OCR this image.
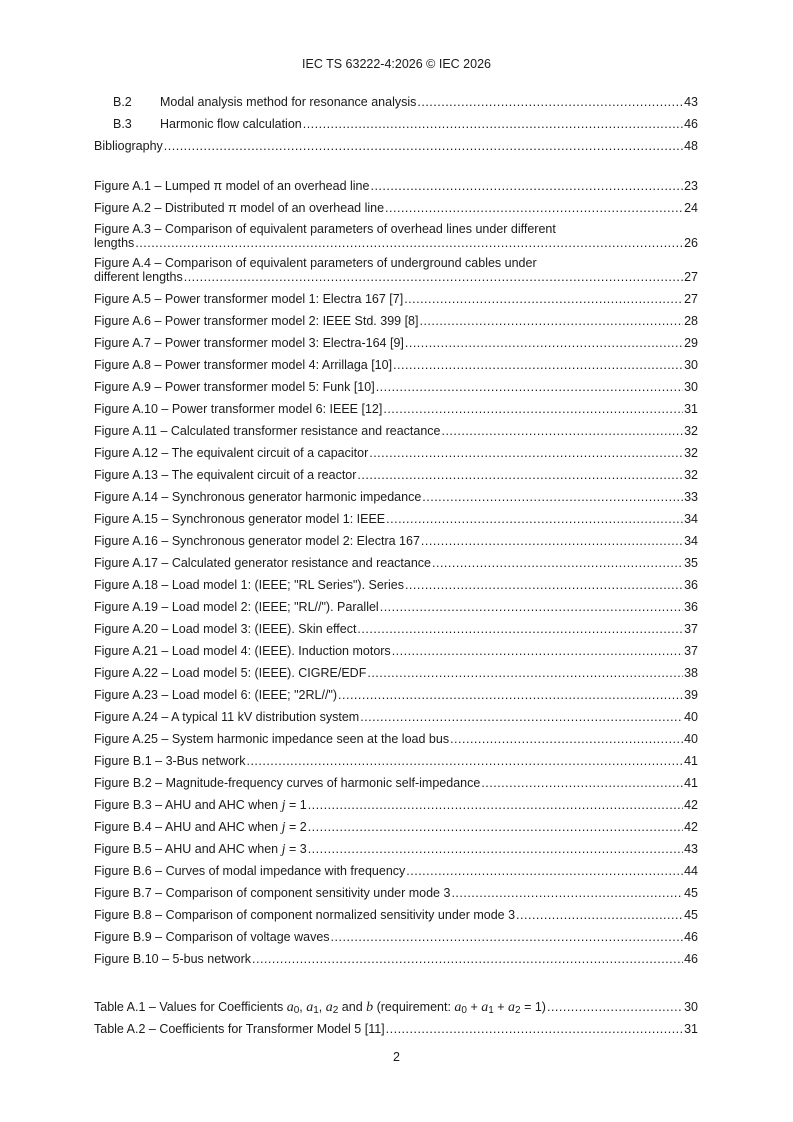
IEC TS 63222-4:2026 © IEC 2026
B.2	Modal analysis method for resonance analysis .....	43
B.3	Harmonic flow calculation .....	46
Bibliography .....	48
Figure A.1 – Lumped π model of an overhead line .....	23
Figure A.2 – Distributed π model of an overhead line .....	24
Figure A.3 – Comparison of equivalent parameters of overhead lines under different
lengths .....	26
Figure A.4 – Comparison of equivalent parameters of underground cables under
different lengths .....	27
Figure A.5 – Power transformer model 1: Electra 167 [7] .....	27
Figure A.6 – Power transformer model 2: IEEE Std. 399 [8] .....	28
Figure A.7 – Power transformer model 3: Electra-164 [9] .....	29
Figure A.8 – Power transformer model 4: Arrillaga [10] .....	30
Figure A.9 – Power transformer model 5: Funk [10] .....	30
Figure A.10 – Power transformer model 6: IEEE [12] .....	31
Figure A.11 – Calculated transformer resistance and reactance .....	32
Figure A.12 – The equivalent circuit of a capacitor .....	32
Figure A.13 – The equivalent circuit of a reactor .....	32
Figure A.14 – Synchronous generator harmonic impedance .....	33
Figure A.15 – Synchronous generator model 1: IEEE .....	34
Figure A.16 – Synchronous generator model 2: Electra 167 .....	34
Figure A.17 – Calculated generator resistance and reactance .....	35
Figure A.18 – Load model 1: (IEEE; "RL Series"). Series .....	36
Figure A.19 – Load model 2: (IEEE; "RL//"). Parallel .....	36
Figure A.20 – Load model 3: (IEEE). Skin effect .....	37
Figure A.21 – Load model 4: (IEEE). Induction motors .....	37
Figure A.22 – Load model 5: (IEEE). CIGRE/EDF .....	38
Figure A.23 – Load model 6: (IEEE; "2RL//") .....	39
Figure A.24 – A typical 11 kV distribution system .....	40
Figure A.25 – System harmonic impedance seen at the load bus .....	40
Figure B.1 – 3-Bus network .....	41
Figure B.2 – Magnitude-frequency curves of harmonic self-impedance .....	41
Figure B.3 – AHU and AHC when j = 1 .....	42
Figure B.4 – AHU and AHC when j = 2 .....	42
Figure B.5 – AHU and AHC when j = 3 .....	43
Figure B.6 – Curves of modal impedance with frequency .....	44
Figure B.7 – Comparison of component sensitivity under mode 3 .....	45
Figure B.8 – Comparison of component normalized sensitivity under mode 3 .....	45
Figure B.9 – Comparison of voltage waves .....	46
Figure B.10 – 5-bus network .....	46
Table A.1 – Values for Coefficients $a_0$, $a_1$, $a_2$ and b (requirement: $a_0 + a_1 + a_2 = 1$) .....	30
Table A.2 – Coefficients for Transformer Model 5 [11] .....	31
2
